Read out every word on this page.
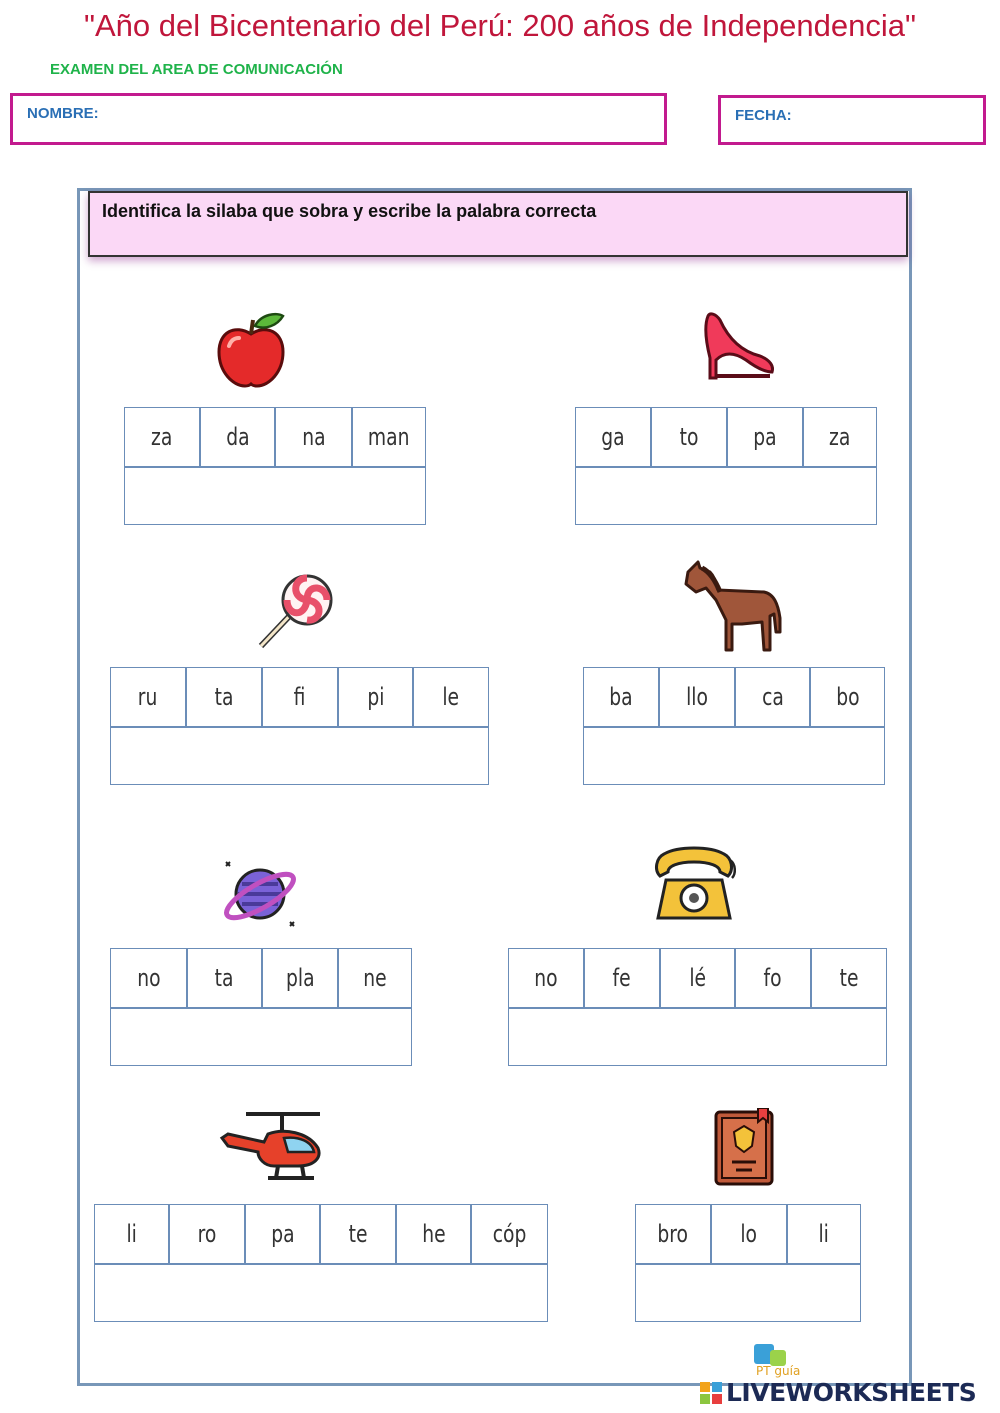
"Año del Bicentenario del Perú: 200 años de Independencia"
EXAMEN DEL AREA DE COMUNICACIÓN
NOMBRE:	FECHA:
Identifica la silaba que sobra y escribe la palabra correcta
za da na man	ga to pa za
ru ta	fi	pi le	ba llo ca bo
no ta pla ne	no fe lé fo te
li	ro pa te he cóp	bro lo	li
PT guía
LIVEWORKSHEETS
